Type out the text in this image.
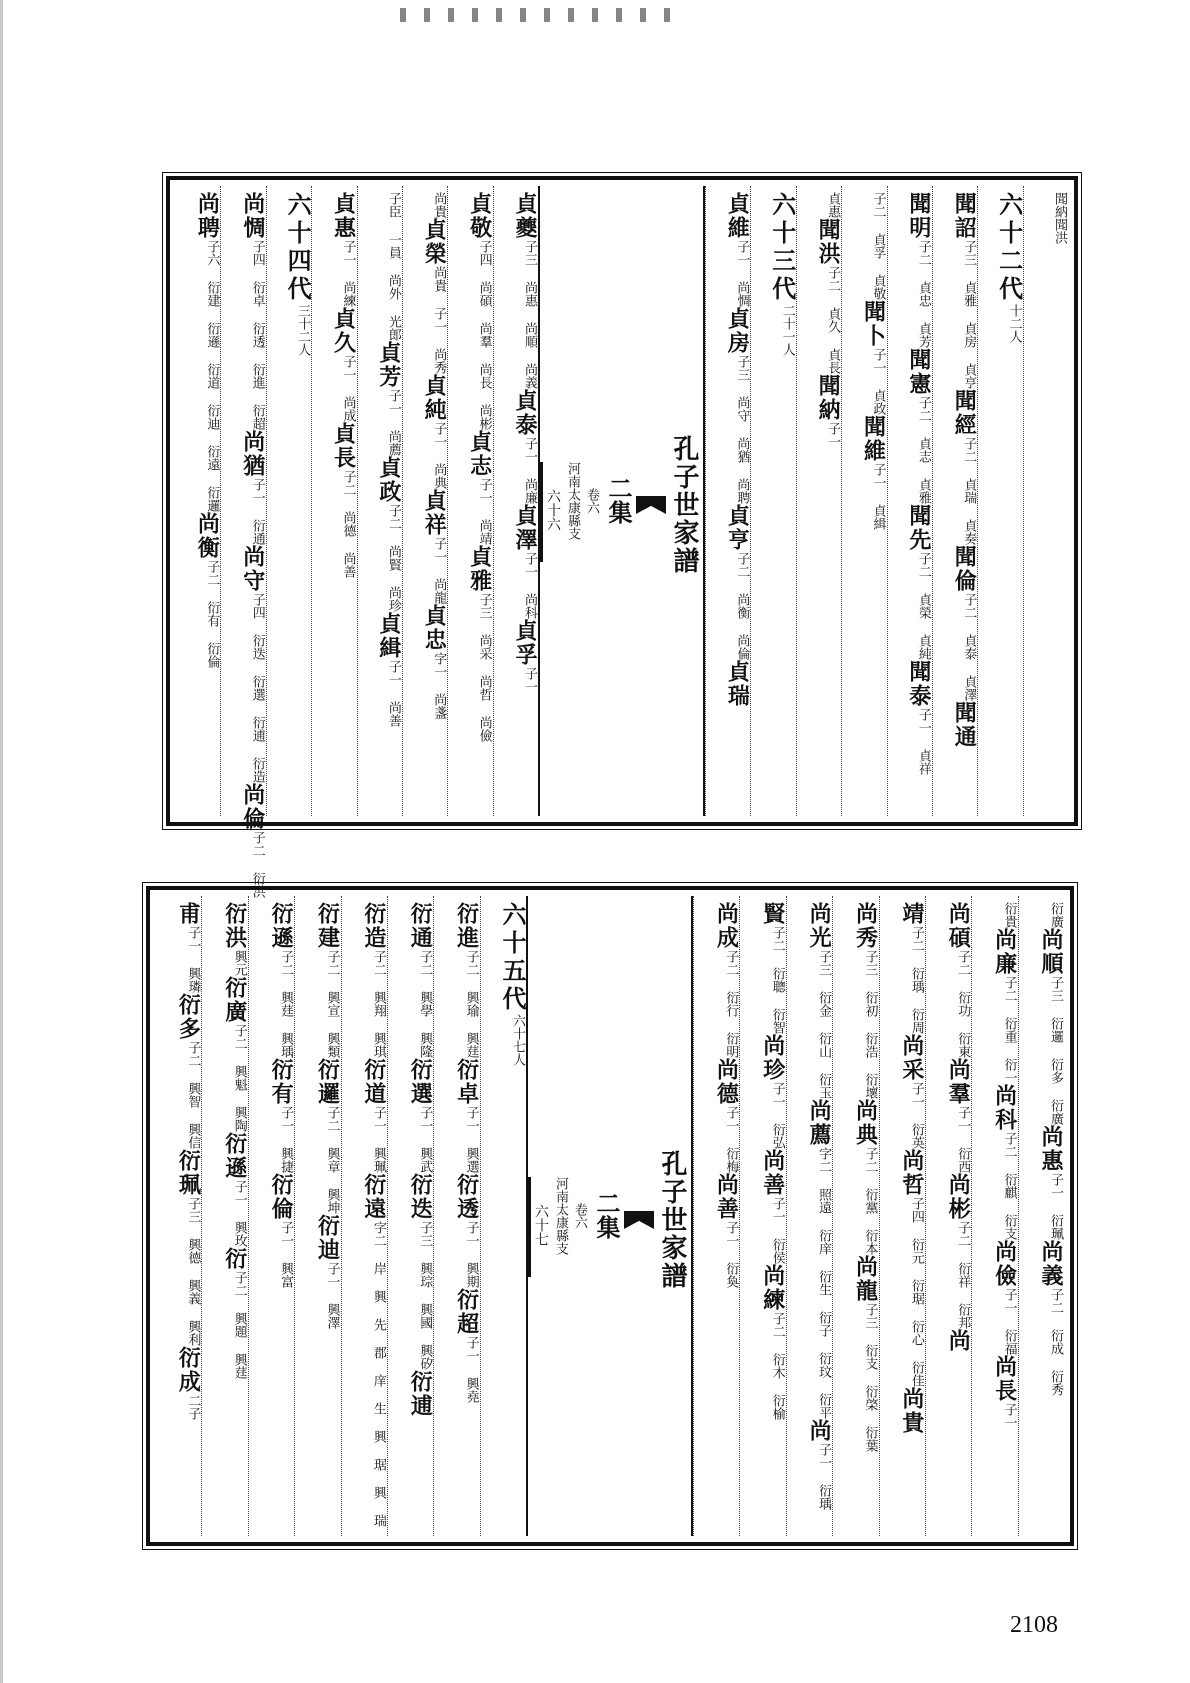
聞納
聞洪
六十二代
十二人
聞詔
子三 貞雅 貞房 貞亨
聞經
子二 貞瑞 貞奏
聞倫
子二 貞泰 貞澤
聞通
聞明
子二 貞忠 貞芳
聞憲
子二 貞志 貞雅
聞先
子二 貞榮 貞純
聞泰
子一 貞祥
子二 貞孚 貞敬
聞卜
子一 貞政
聞維
子一 貞緝
貞惠
聞洪
子二 貞久 貞長
聞納
子一
六十三代
二十一人
貞維
子一 尚惆
貞房
子三 尚守 尚猶 尚聘
貞亨
子二 尚衡 尚倫
貞瑞
孔子世家譜
二集
卷六
河南太康縣支
六十六
貞夔
子三 尚惠 尚順 尚義
貞泰
子一 尚廉
貞澤
子一 尚科
貞孚
子一
貞敬
子四 尚碩 尚羣 尚長 尚彬
貞志
子一 尚靖
貞雅
子三 尚采 尚哲 尚儉
尚貴
貞榮
尚貴 子一 尚秀
貞純
子一 尚典
貞祥
子一 尚龍
貞忠
字一 尚盞
子臣 一員 尚外 光郎
貞芳
子一 尚薦
貞政
子二 尚賢 尚珍
貞緝
子一 尚善
貞惠
子一 尚練
貞久
子一 尚成
貞長
子二 尚德 尚善
六十四代
三十二人
尚惆
子四 衍卓 衍透 衍進 衍超
尚猶
子一 衍通
尚守
子四 衍迭 衍選 衍逋 衍造
尚倫
子二 衍洪
尚聘
子六 衍建 衍遜 衍道 衍迪 衍遠 衍邏
尚衡
子二 衍有 衍倫
衍廣
尚順
子三 衍邏 衍多 衍廣
尚惠
子一 衍珮
尚義
子二 衍成 衍秀
衍貴
尚廉
子二 衍重 衍一
尚科
子二 衍麒 衍支
尚儉
子一 衍福
尚長
子一
尚碩
子二 衍功 衍東
尚羣
子一 衍西
尚彬
子二 衍祥 衍邦
尚
靖
子二 衍瑀 衍周
尚采
子一 衍英
尚哲
子四 衍元 衍琚 衍心 衍佳
尚貴
尚秀
子三 衍初 衍浩 衍壞
尚典
子二 衍黨 衍本
尚龍
子三 衍支 衍棨 衍葉
尚光
子三 衍金 衍山 衍玉
尚薦
字二 照遠 衍庠 衍生 衍子 衍玟 衍平
尚
子一 衍瑀
賢
子二 衍聰 衍智
尚珍
子一 衍弘
尚善
子一 衍侯
尚練
子二 衍木 衍榆
尚成
子二 衍行 衍明
尚德
子一 衍梅
尚善
子一 衍奐
孔子世家譜
二集
卷六
河南太康縣支
六十七
六十五代
六十七人
衍進
子二 興瑜 興莛
衍卓
子一 興選
衍透
子一 興期
衍超
子一 興堯
衍通
子二 興學 興隆
衍選
子一 興武
衍迭
子三 興琮 興國 興矽
衍逋
衍造
子二 興翔 興琪
衍道
子一 興珮
衍遠
字二 岸 興 先 郡 庠 生 興 琚 興 瑞
衍建
子二 興宣 興類
衍邏
子二 興章 興坤
衍迪
子一 興澤
衍遜
子二 興莛 興瑀
衍有
子一 興捷
衍倫
子一 興富
衍洪
興元
衍廣
子二 興魁 興陶
衍遜
子一 興玫
衍
子二 興題 興莛
甫
子一 興璘
衍多
子二 興智 興信
衍珮
子三 興德 興義 興利
衍成
二子
2108
